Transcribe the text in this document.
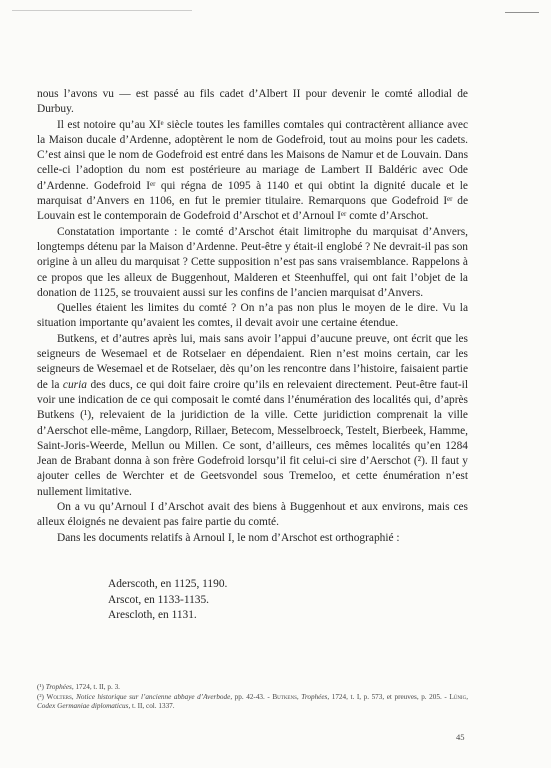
nous l’avons vu — est passé au fils cadet d’Albert II pour devenir le comté allodial de Durbuy.

Il est notoire qu’au XIᵉ siècle toutes les familles comtales qui contractèrent alliance avec la Maison ducale d’Ardenne, adoptèrent le nom de Godefroid, tout au moins pour les cadets. C’est ainsi que le nom de Godefroid est entré dans les Maisons de Namur et de Louvain. Dans celle-ci l’adoption du nom est postérieure au mariage de Lambert II Baldéric avec Ode d’Ardenne. Godefroid Iᵉʳ qui régna de 1095 à 1140 et qui obtint la dignité ducale et le marquisat d’Anvers en 1106, en fut le premier titulaire. Remarquons que Godefroid Iᵉʳ de Louvain est le contemporain de Godefroid d’Arschot et d’Arnoul Iᵉʳ comte d’Arschot.

Constatation importante : le comté d’Arschot était limitrophe du marquisat d’Anvers, longtemps détenu par la Maison d’Ardenne. Peut-être y était-il englobé ? Ne devrait-il pas son origine à un alleu du marquisat ? Cette supposition n’est pas sans vraisemblance. Rappelons à ce propos que les alleux de Buggenhout, Malderen et Steenhuffel, qui ont fait l’objet de la donation de 1125, se trouvaient aussi sur les confins de l’ancien marquisat d’Anvers.

Quelles étaient les limites du comté ? On n’a pas non plus le moyen de le dire. Vu la situation importante qu’avaient les comtes, il devait avoir une certaine étendue.

Butkens, et d’autres après lui, mais sans avoir l’appui d’aucune preuve, ont écrit que les seigneurs de Wesemael et de Rotselaer en dépendaient. Rien n’est moins certain, car les seigneurs de Wesemael et de Rotselaer, dès qu’on les rencontre dans l’histoire, faisaient partie de la curia des ducs, ce qui doit faire croire qu’ils en relevaient directement. Peut-être faut-il voir une indication de ce qui composait le comté dans l’énumération des localités qui, d’après Butkens (¹), relevaient de la juridiction de la ville. Cette juridiction comprenait la ville d’Aerschot elle-même, Langdorp, Rillaer, Betecom, Messelbroeck, Testelt, Bierbeek, Hamme, Saint-Joris-Weerde, Mellun ou Millen. Ce sont, d’ailleurs, ces mêmes localités qu’en 1284 Jean de Brabant donna à son frère Godefroid lorsqu’il fit celui-ci sire d’Aerschot (²). Il faut y ajouter celles de Werchter et de Geetsvondel sous Tremeloo, et cette énumération n’est nullement limitative.

On a vu qu’Arnoul I d’Arschot avait des biens à Buggenhout et aux environs, mais ces alleux éloignés ne devaient pas faire partie du comté.

Dans les documents relatifs à Arnoul I, le nom d’Arschot est orthographié :

Aderscoth, en 1125, 1190.
Arscot, en 1133-1135.
Arescloth, en 1131.

(¹) Trophées, 1724, t. II, p. 3.

(²) Wolters, Notice historique sur l’ancienne abbaye d’Averbode, pp. 42-43. - Butkens, Trophées, 1724, t. I, p. 573, et preuves, p. 205. - Lünig, Codex Germaniae diplomaticus, t. II, col. 1337.

45
